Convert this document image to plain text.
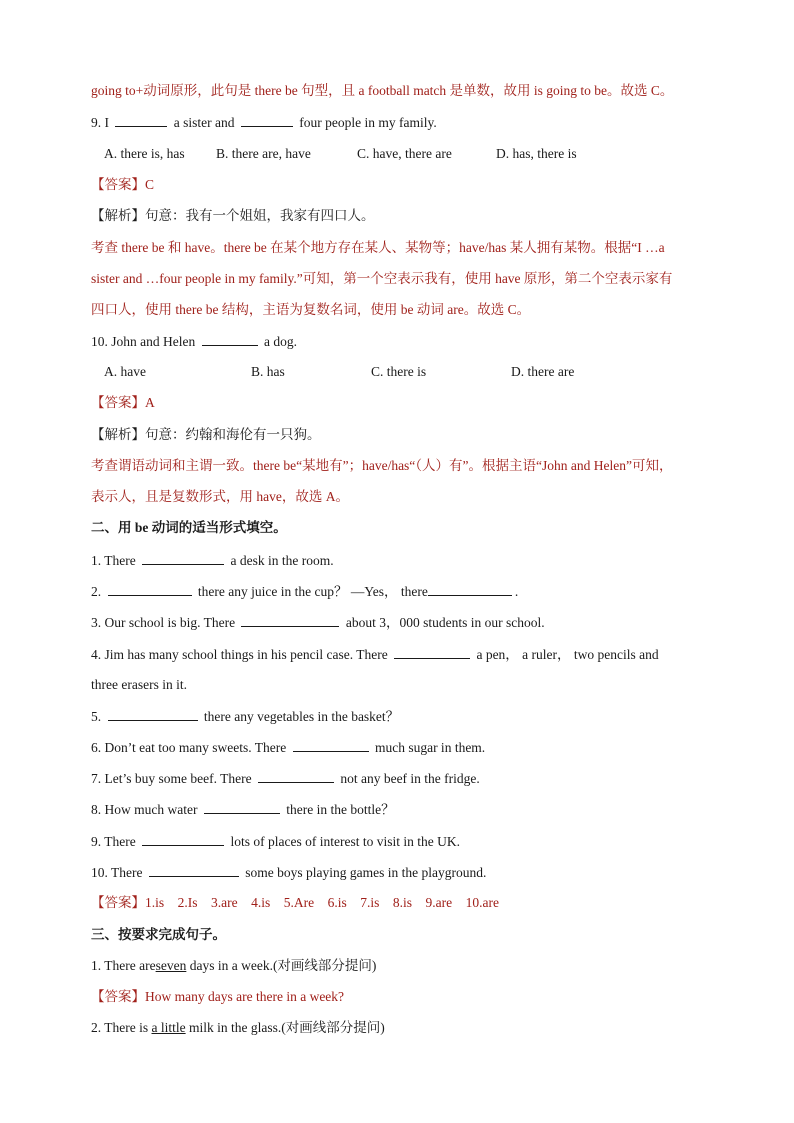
going to+动词原形，此句是 there be 句型，且 a football match 是单数，故用 is going to be。故选 C。
9. I	a sister and	four people in my family.
A. there is, has B. there are, have	C. have, there are	D. has, there is
【答案】C
【解析】句意：我有一个姐姐，我家有四口人。
考查 there be 和 have。there be 在某个地方存在某人、某物等；have/has 某人拥有某物。根据“I …a
sister and …four people in my family.”可知，第一个空表示我有，使用 have 原形，第二个空表示家有
四口人，使用 there be 结构，主语为复数名词，使用 be 动词 are。故选 C。
10. John and Helen	a dog.
A. have	B. has	C. there is	D. there are
【答案】A
【解析】句意：约翰和海伦有一只狗。
考查谓语动词和主谓一致。there be“某地有”；have/has“（人）有”。根据主语“John and Helen”可知，
表示人，且是复数形式，用 have，故选 A。
二、用 be 动词的适当形式填空。
1. There	a desk in the room.
2.	there any juice in the cup？ —Yes， there	.
3. Our school is big. There	about 3，000 students in our school.
4. Jim has many school things in his pencil case. There	a pen， a ruler， two pencils and
three erasers in it.
5.	there any vegetables in the basket？
6. Don’t eat too many sweets. There	much sugar in them.
7. Let’s buy some beef. There	not any beef in the fridge.
8. How much water	there in the bottle？
9. There	lots of places of interest to visit in the UK.
10. There	some boys playing games in the playground.
【答案】1.is    2.Is    3.are    4.is    5.Are    6.is    7.is    8.is    9.are    10.are
三、按要求完成句子。
1. There areseven days in a week.(对画线部分提问)
【答案】How many days are there in a week?
2. There is a little milk in the glass.(对画线部分提问)
